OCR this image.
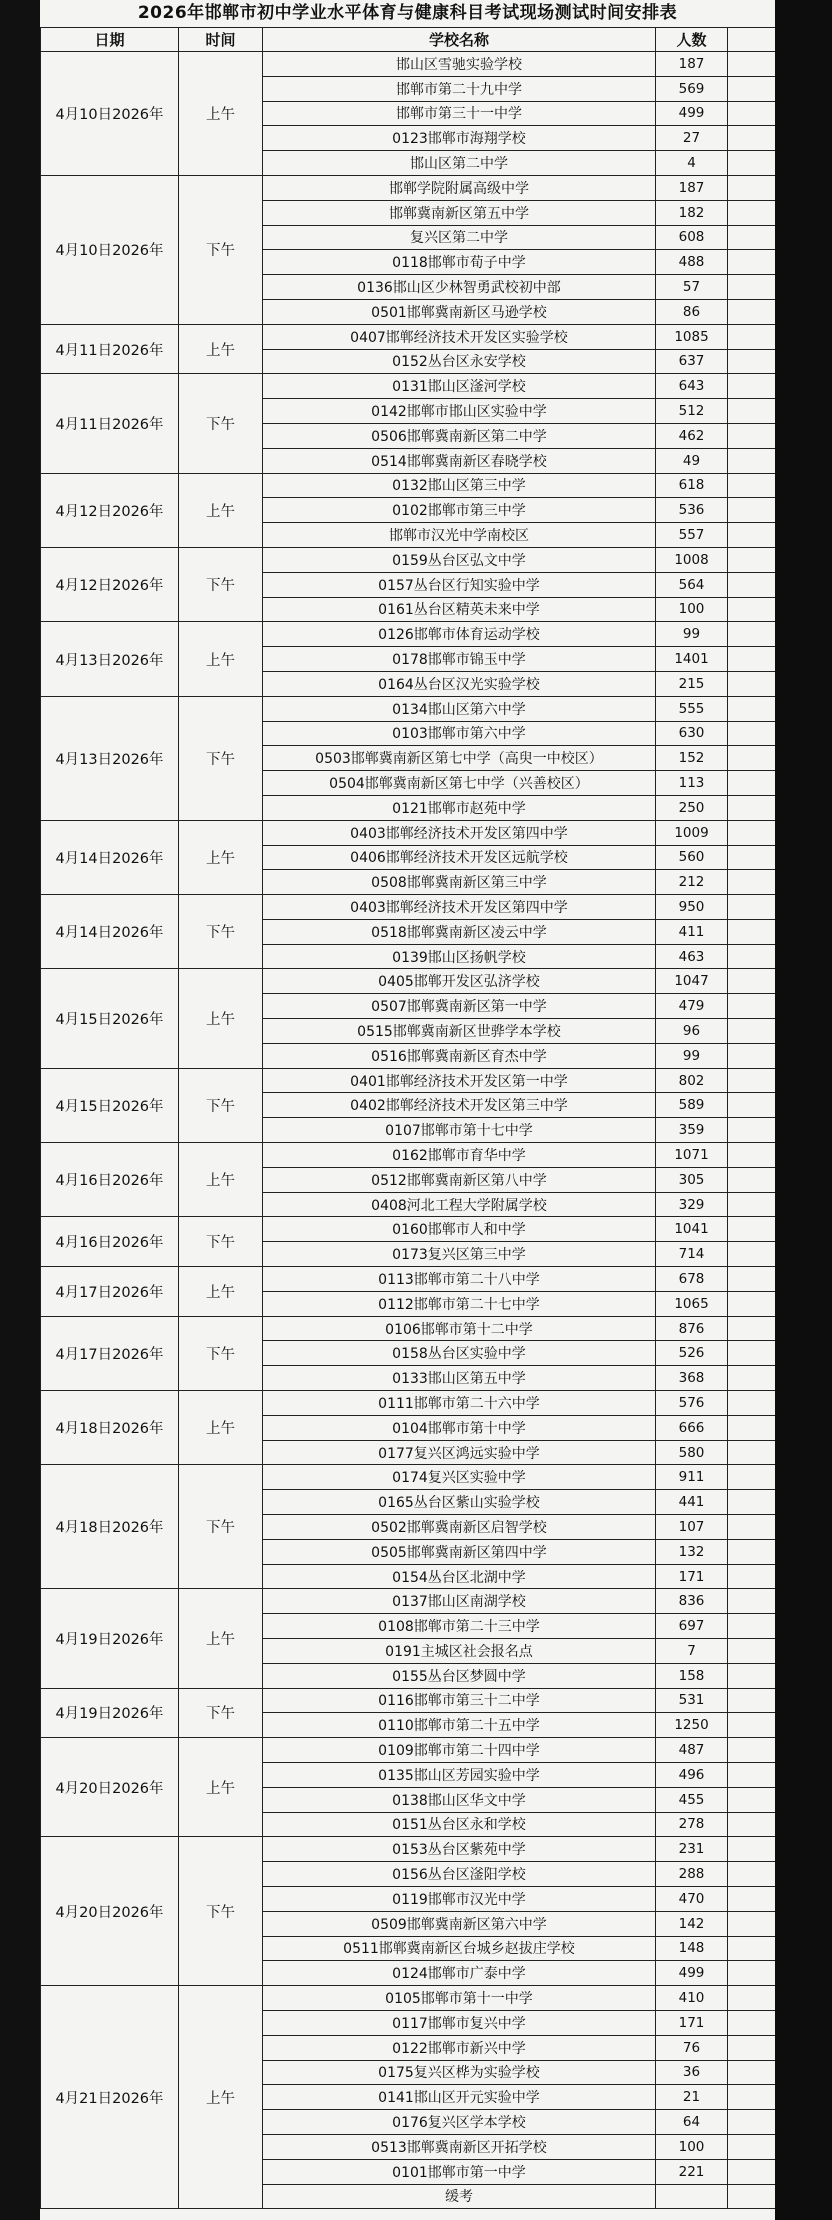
2026年邯郸市初中学业水平体育与健康科目考试现场测试时间安排表
日期	时间	学校名称	人数	
4月10日2026年	上午	邯山区雪驰实验学校	187	
		邯郸市第二十九中学	569	
		邯郸市第三十一中学	499	
		0123邯郸市海翔学校	27	
		邯山区第二中学	4	
4月10日2026年	下午	邯郸学院附属高级中学	187	
		邯郸冀南新区第五中学	182	
		复兴区第二中学	608	
		0118邯郸市荀子中学	488	
		0136邯山区少林智勇武校初中部	57	
		0501邯郸冀南新区马逊学校	86	
4月11日2026年	上午	0407邯郸经济技术开发区实验学校	1085	
		0152丛台区永安学校	637	
4月11日2026年	下午	0131邯山区滏河学校	643	
		0142邯郸市邯山区实验中学	512	
		0506邯郸冀南新区第二中学	462	
		0514邯郸冀南新区春晓学校	49	
4月12日2026年	上午	0132邯山区第三中学	618	
		0102邯郸市第三中学	536	
		邯郸市汉光中学南校区	557	
4月12日2026年	下午	0159丛台区弘文中学	1008	
		0157丛台区行知实验中学	564	
		0161丛台区精英未来中学	100	
4月13日2026年	上午	0126邯郸市体育运动学校	99	
		0178邯郸市锦玉中学	1401	
		0164丛台区汉光实验学校	215	
4月13日2026年	下午	0134邯山区第六中学	555	
		0103邯郸市第六中学	630	
		0503邯郸冀南新区第七中学（高臾一中校区）	152	
		0504邯郸冀南新区第七中学（兴善校区）	113	
		0121邯郸市赵苑中学	250	
4月14日2026年	上午	0403邯郸经济技术开发区第四中学	1009	
		0406邯郸经济技术开发区远航学校	560	
		0508邯郸冀南新区第三中学	212	
4月14日2026年	下午	0403邯郸经济技术开发区第四中学	950	
		0518邯郸冀南新区凌云中学	411	
		0139邯山区扬帆学校	463	
4月15日2026年	上午	0405邯郸开发区弘济学校	1047	
		0507邯郸冀南新区第一中学	479	
		0515邯郸冀南新区世骅学本学校	96	
		0516邯郸冀南新区育杰中学	99	
4月15日2026年	下午	0401邯郸经济技术开发区第一中学	802	
		0402邯郸经济技术开发区第三中学	589	
		0107邯郸市第十七中学	359	
4月16日2026年	上午	0162邯郸市育华中学	1071	
		0512邯郸冀南新区第八中学	305	
		0408河北工程大学附属学校	329	
4月16日2026年	下午	0160邯郸市人和中学	1041	
		0173复兴区第三中学	714	
4月17日2026年	上午	0113邯郸市第二十八中学	678	
		0112邯郸市第二十七中学	1065	
4月17日2026年	下午	0106邯郸市第十二中学	876	
		0158丛台区实验中学	526	
		0133邯山区第五中学	368	
4月18日2026年	上午	0111邯郸市第二十六中学	576	
		0104邯郸市第十中学	666	
		0177复兴区鸿远实验中学	580	
4月18日2026年	下午	0174复兴区实验中学	911	
		0165丛台区紫山实验学校	441	
		0502邯郸冀南新区启智学校	107	
		0505邯郸冀南新区第四中学	132	
		0154丛台区北湖中学	171	
4月19日2026年	上午	0137邯山区南湖学校	836	
		0108邯郸市第二十三中学	697	
		0191主城区社会报名点	7	
		0155丛台区梦圆中学	158	
4月19日2026年	下午	0116邯郸市第三十二中学	531	
		0110邯郸市第二十五中学	1250	
4月20日2026年	上午	0109邯郸市第二十四中学	487	
		0135邯山区芳园实验中学	496	
		0138邯山区华文中学	455	
		0151丛台区永和学校	278	
4月20日2026年	下午	0153丛台区紫苑中学	231	
		0156丛台区滏阳学校	288	
		0119邯郸市汉光中学	470	
		0509邯郸冀南新区第六中学	142	
		0511邯郸冀南新区台城乡赵拔庄学校	148	
		0124邯郸市广泰中学	499	
4月21日2026年	上午	0105邯郸市第十一中学	410	
		0117邯郸市复兴中学	171	
		0122邯郸市新兴中学	76	
		0175复兴区桦为实验学校	36	
		0141邯山区开元实验中学	21	
		0176复兴区学本学校	64	
		0513邯郸冀南新区开拓学校	100	
		0101邯郸市第一中学	221	
		缓考		
